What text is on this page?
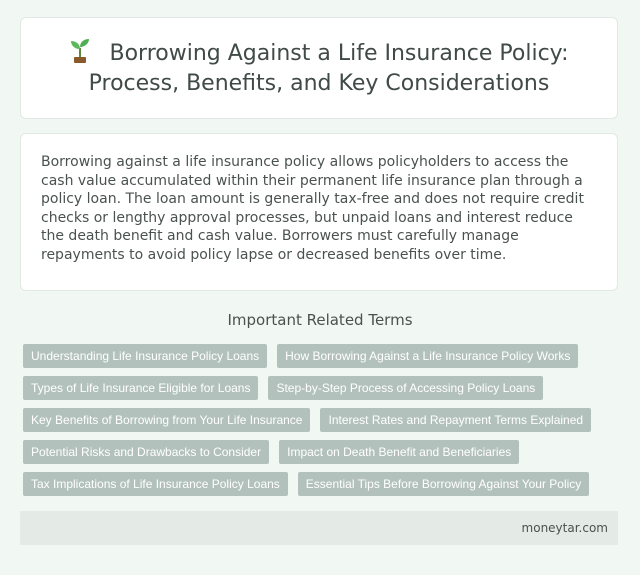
Borrowing Against a Life Insurance Policy:
Process, Benefits, and Key Considerations

Borrowing against a life insurance policy allows policyholders to access the cash value accumulated within their permanent life insurance plan through a policy loan. The loan amount is generally tax-free and does not require credit checks or lengthy approval processes, but unpaid loans and interest reduce the death benefit and cash value. Borrowers must carefully manage repayments to avoid policy lapse or decreased benefits over time.

Important Related Terms
Understanding Life Insurance Policy Loans	How Borrowing Against a Life Insurance Policy Works
Types of Life Insurance Eligible for Loans	Step-by-Step Process of Accessing Policy Loans
Key Benefits of Borrowing from Your Life Insurance	Interest Rates and Repayment Terms Explained
Potential Risks and Drawbacks to Consider	Impact on Death Benefit and Beneficiaries
Tax Implications of Life Insurance Policy Loans	Essential Tips Before Borrowing Against Your Policy
moneytar.com
